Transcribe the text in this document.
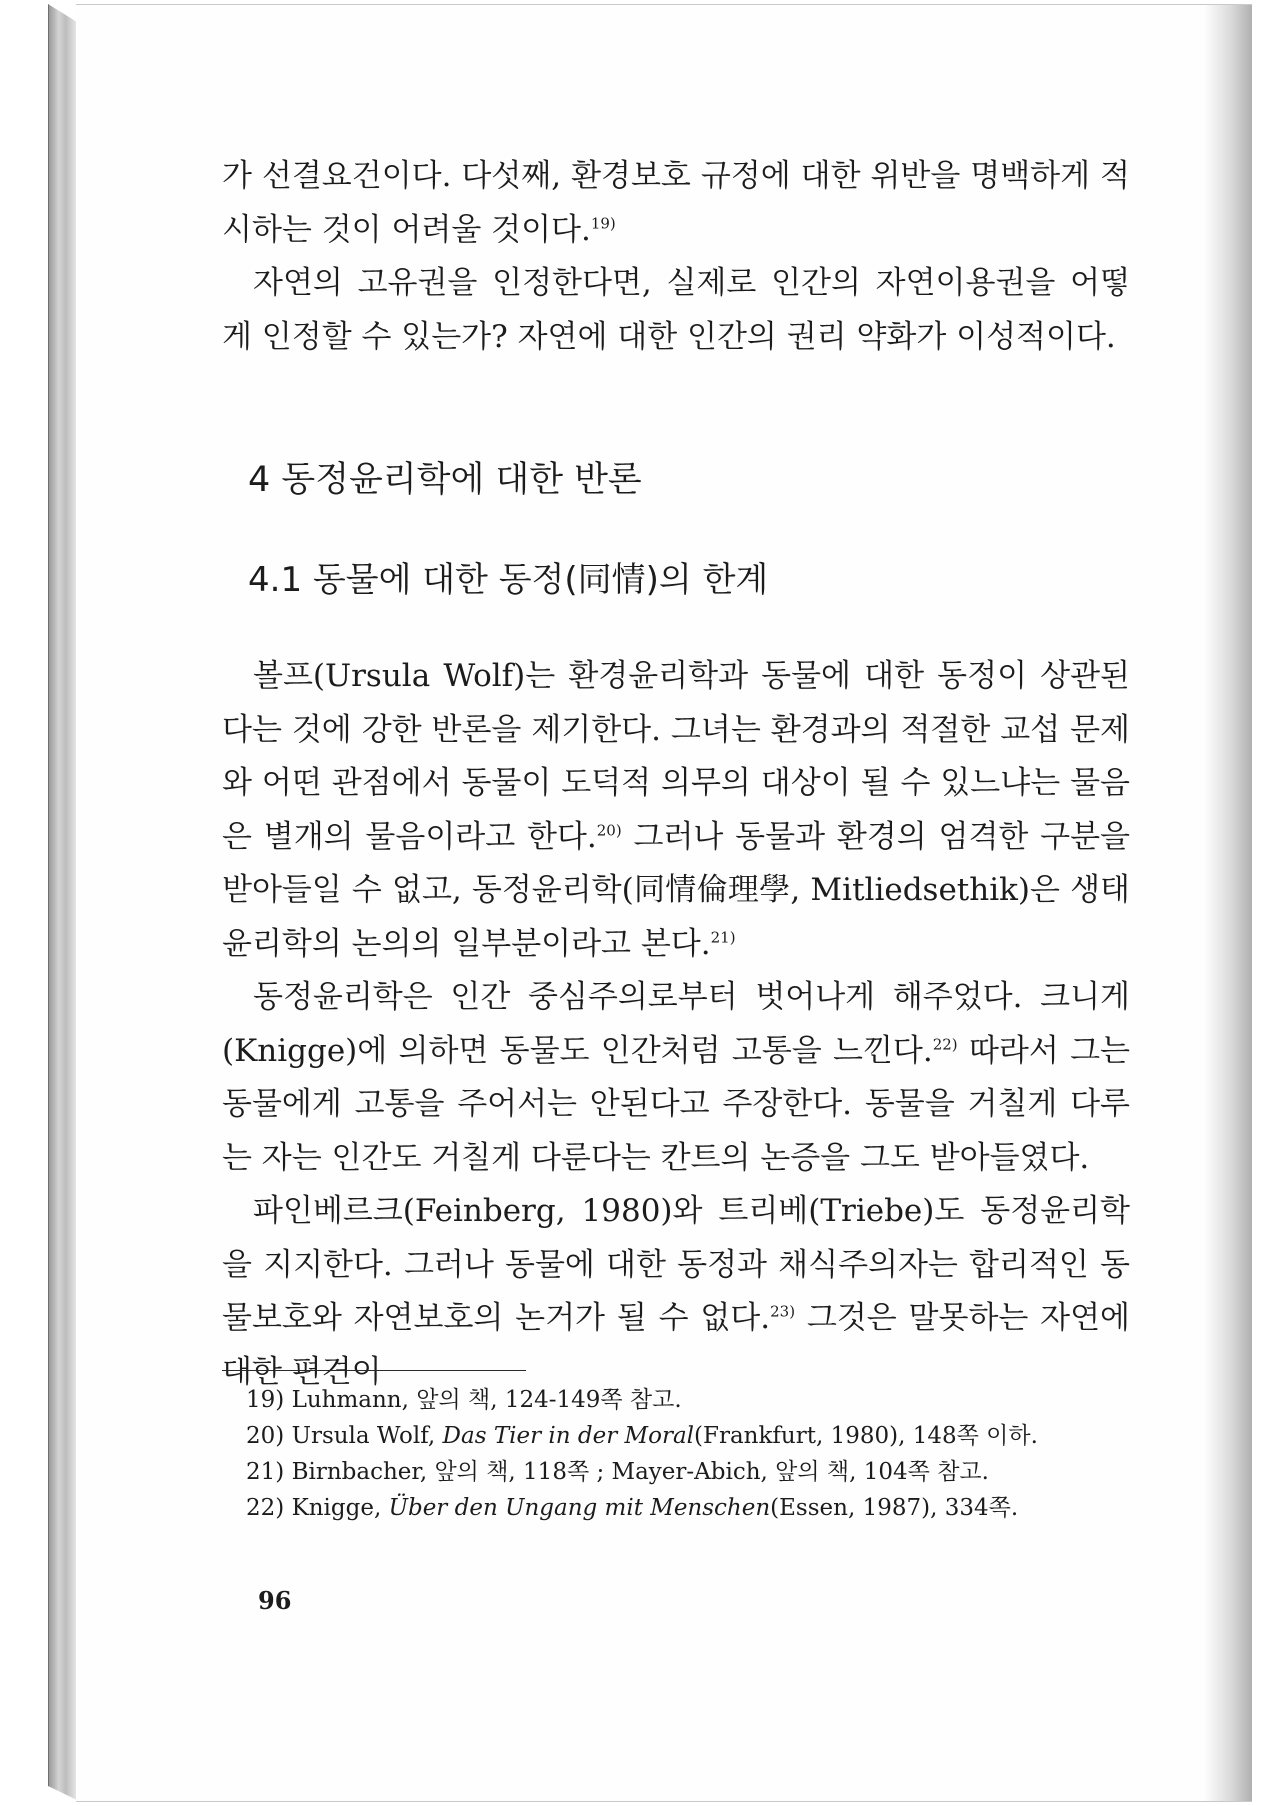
가 선결요건이다. 다섯째, 환경보호 규정에 대한 위반을 명백하게 적시하는 것이 어려울 것이다.$^{19)}$

자연의 고유권을 인정한다면, 실제로 인간의 자연이용권을 어떻게 인정할 수 있는가? 자연에 대한 인간의 권리 약화가 이성적이다.

4 동정윤리학에 대한 반론
4.1 동물에 대한 동정(同情)의 한계

볼프(Ursula Wolf)는 환경윤리학과 동물에 대한 동정이 상관된다는 것에 강한 반론을 제기한다. 그녀는 환경과의 적절한 교섭 문제와 어떤 관점에서 동물이 도덕적 의무의 대상이 될 수 있느냐는 물음은 별개의 물음이라고 한다.$^{20)}$ 그러나 동물과 환경의 엄격한 구분을 받아들일 수 없고, 동정윤리학(同情倫理學, Mitliedsethik)은 생태윤리학의 논의의 일부분이라고 본다.$^{21)}$

동정윤리학은 인간 중심주의로부터 벗어나게 해주었다. 크니게(Knigge)에 의하면 동물도 인간처럼 고통을 느낀다.$^{22)}$ 따라서 그는 동물에게 고통을 주어서는 안된다고 주장한다. 동물을 거칠게 다루는 자는 인간도 거칠게 다룬다는 칸트의 논증을 그도 받아들였다.

파인베르크(Feinberg, 1980)와 트리베(Triebe)도 동정윤리학을 지지한다. 그러나 동물에 대한 동정과 채식주의자는 합리적인 동물보호와 자연보호의 논거가 될 수 없다.$^{23)}$ 그것은 말못하는 자연에 대한 편견이

19) Luhmann, 앞의 책, 124-149쪽 참고.

20) Ursula Wolf, Das Tier in der Moral(Frankfurt, 1980), 148쪽 이하.

21) Birnbacher, 앞의 책, 118쪽 ; Mayer-Abich, 앞의 책, 104쪽 참고.

22) Knigge, Über den Ungang mit Menschen(Essen, 1987), 334쪽.

96
